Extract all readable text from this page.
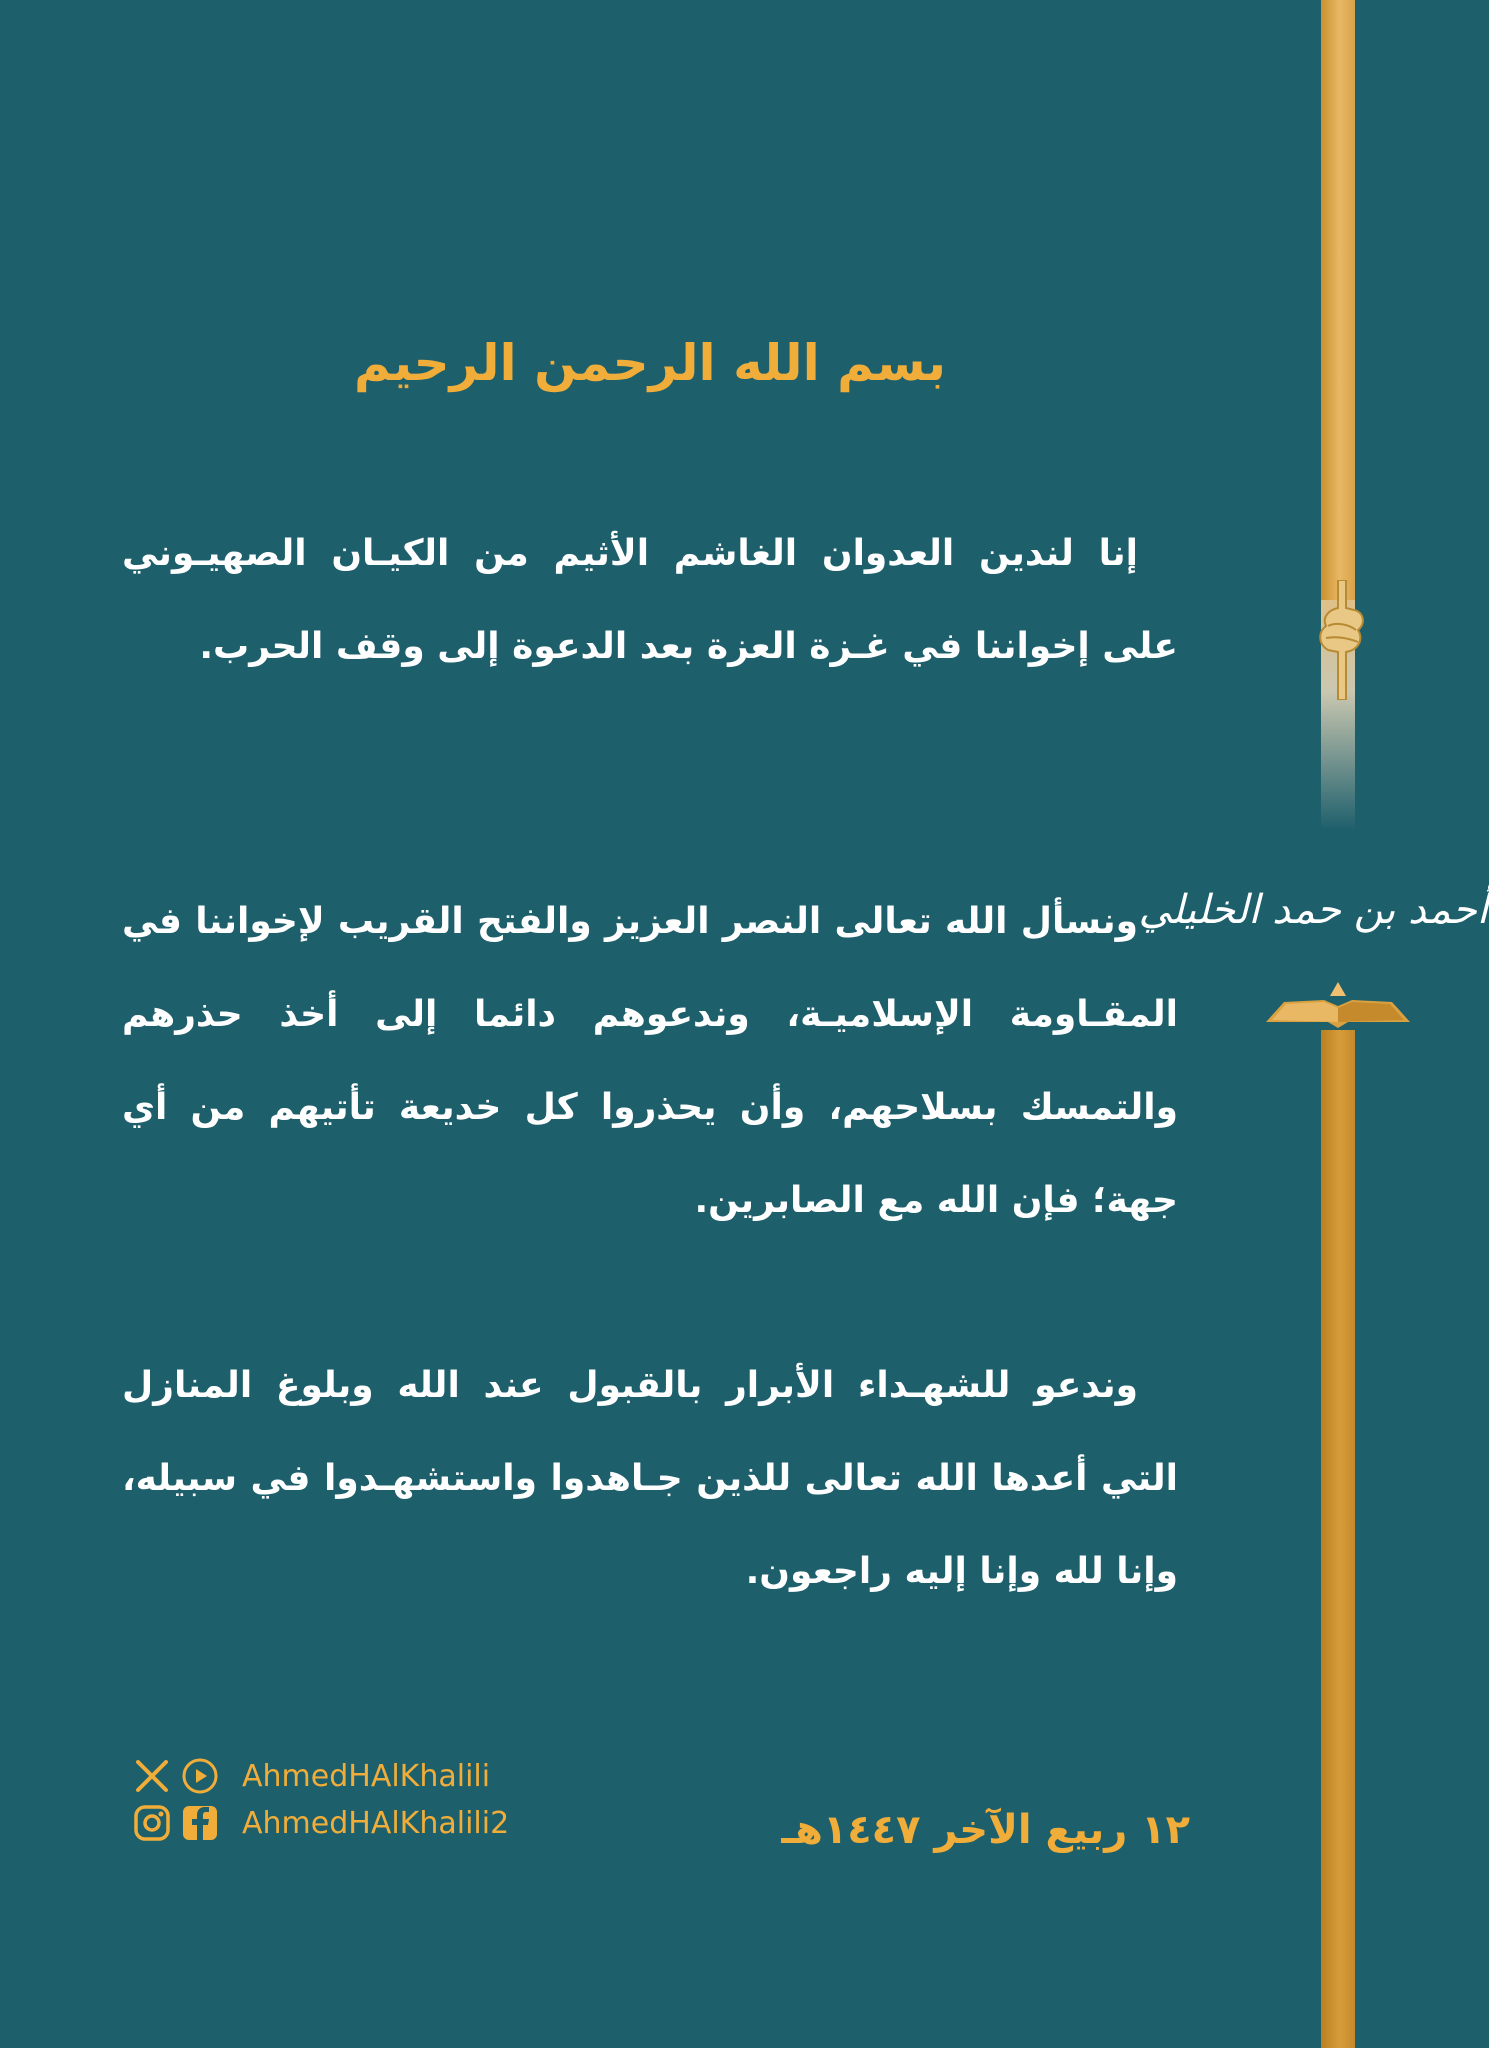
أحمد بن حمد الخليلي
بسم الله الرحمن الرحيم
إنا لندين العدوان الغاشم الأثيم من الكيـان الصهيـوني على إخواننا في غـزة العزة بعد الدعوة إلى وقف الحرب.
ونسأل الله تعالى النصر العزيز والفتح القريب لإخواننا في المقـاومة الإسلاميـة، وندعوهم دائما إلى أخذ حذرهم والتمسك بسلاحهم، وأن يحذروا كل خديعة تأتيهم من أي جهة؛ فإن الله مع الصابرين.
وندعو للشهـداء الأبرار بالقبول عند الله وبلوغ المنازل التي أعدها الله تعالى للذين جـاهدوا واستشهـدوا في سبيله، وإنا لله وإنا إليه راجعون.
AhmedHAlKhalili
AhmedHAlKhalili2	١٢ ربيع الآخر ١٤٤٧هـ
